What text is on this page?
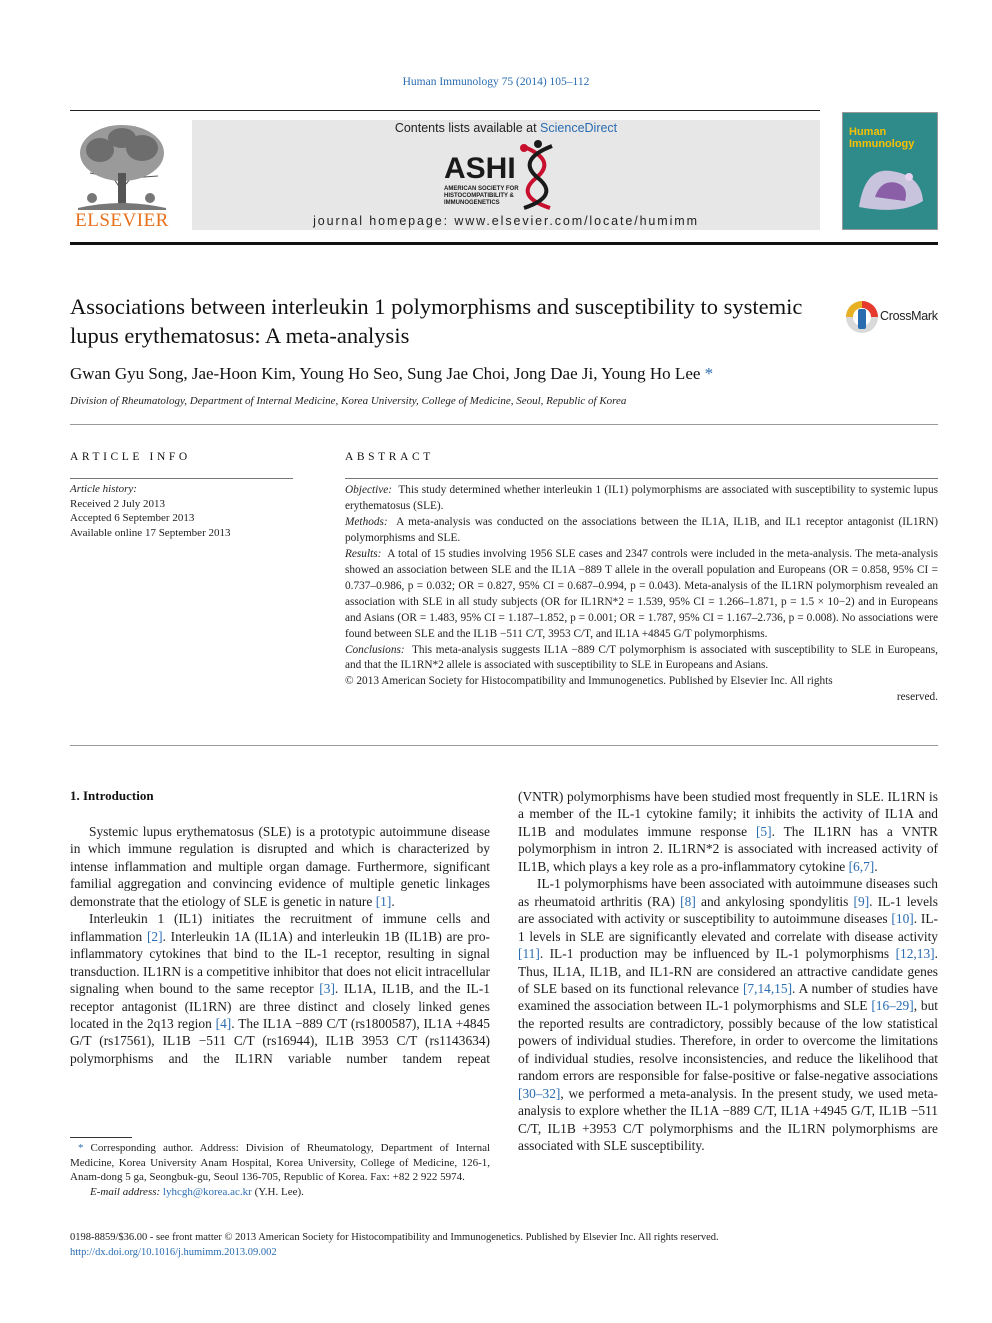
Human Immunology 75 (2014) 105–112
ELSEVIER
Contents lists available at ScienceDirect
ASHI
AMERICAN SOCIETY FOR
HISTOCOMPATIBILITY &
IMMUNOGENETICS
journal homepage: www.elsevier.com/locate/humimm
Human Immunology
Associations between interleukin 1 polymorphisms and susceptibility to systemic lupus erythematosus: A meta-analysis
CrossMark
Gwan Gyu Song, Jae-Hoon Kim, Young Ho Seo, Sung Jae Choi, Jong Dae Ji, Young Ho Lee *
Division of Rheumatology, Department of Internal Medicine, Korea University, College of Medicine, Seoul, Republic of Korea
ARTICLE INFO	ABSTRACT
Article history:
Received 2 July 2013
Accepted 6 September 2013
Available online 17 September 2013

Objective: This study determined whether interleukin 1 (IL1) polymorphisms are associated with susceptibility to systemic lupus erythematosus (SLE).

Methods: A meta-analysis was conducted on the associations between the IL1A, IL1B, and IL1 receptor antagonist (IL1RN) polymorphisms and SLE.

Results: A total of 15 studies involving 1956 SLE cases and 2347 controls were included in the meta-analysis. The meta-analysis showed an association between SLE and the IL1A −889 T allele in the overall population and Europeans (OR = 0.858, 95% CI = 0.737–0.986, p = 0.032; OR = 0.827, 95% CI = 0.687–0.994, p = 0.043). Meta-analysis of the IL1RN polymorphism revealed an association with SLE in all study subjects (OR for IL1RN*2 = 1.539, 95% CI = 1.266–1.871, p = 1.5 × 10−2) and in Europeans and Asians (OR = 1.483, 95% CI = 1.187–1.852, p = 0.001; OR = 1.787, 95% CI = 1.167–2.736, p = 0.008). No associations were found between SLE and the IL1B −511 C/T, 3953 C/T, and IL1A +4845 G/T polymorphisms.

Conclusions: This meta-analysis suggests IL1A −889 C/T polymorphism is associated with susceptibility to SLE in Europeans, and that the IL1RN*2 allele is associated with susceptibility to SLE in Europeans and Asians.

© 2013 American Society for Histocompatibility and Immunogenetics. Published by Elsevier Inc. All rights

reserved.

1. Introduction

Systemic lupus erythematosus (SLE) is a prototypic autoimmune disease in which immune regulation is disrupted and which is characterized by intense inflammation and multiple organ damage. Furthermore, significant familial aggregation and convincing evidence of multiple genetic linkages demonstrate that the etiology of SLE is genetic in nature [1].

Interleukin 1 (IL1) initiates the recruitment of immune cells and inflammation [2]. Interleukin 1A (IL1A) and interleukin 1B (IL1B) are pro-inflammatory cytokines that bind to the IL-1 receptor, resulting in signal transduction. IL1RN is a competitive inhibitor that does not elicit intracellular signaling when bound to the same receptor [3]. IL1A, IL1B, and the IL-1 receptor antagonist (IL1RN) are three distinct and closely linked genes located in the 2q13 region [4]. The IL1A −889 C/T (rs1800587), IL1A +4845 G/T (rs17561), IL1B −511 C/T (rs16944), IL1B 3953 C/T (rs1143634) polymorphisms and the IL1RN variable number tandem repeat

(VNTR) polymorphisms have been studied most frequently in SLE. IL1RN is a member of the IL-1 cytokine family; it inhibits the activity of IL1A and IL1B and modulates immune response [5]. The IL1RN has a VNTR polymorphism in intron 2. IL1RN*2 is associated with increased activity of IL1B, which plays a key role as a pro-inflammatory cytokine [6,7].

IL-1 polymorphisms have been associated with autoimmune diseases such as rheumatoid arthritis (RA) [8] and ankylosing spondylitis [9]. IL-1 levels are associated with activity or susceptibility to autoimmune diseases [10]. IL-1 levels in SLE are significantly elevated and correlate with disease activity [11]. IL-1 production may be influenced by IL-1 polymorphisms [12,13]. Thus, IL1A, IL1B, and IL1-RN are considered an attractive candidate genes of SLE based on its functional relevance [7,14,15]. A number of studies have examined the association between IL-1 polymorphisms and SLE [16–29], but the reported results are contradictory, possibly because of the low statistical powers of individual studies. Therefore, in order to overcome the limitations of individual studies, resolve inconsistencies, and reduce the likelihood that random errors are responsible for false-positive or false-negative associations [30–32], we performed a meta-analysis. In the present study, we used meta-analysis to explore whether the IL1A −889 C/T, IL1A +4945 G/T, IL1B −511 C/T, IL1B +3953 C/T polymorphisms and the IL1RN polymorphisms are associated with SLE susceptibility.

* Corresponding author. Address: Division of Rheumatology, Department of Internal Medicine, Korea University Anam Hospital, Korea University, College of Medicine, 126-1, Anam-dong 5 ga, Seongbuk-gu, Seoul 136-705, Republic of Korea. Fax: +82 2 922 5974.

E-mail address: lyhcgh@korea.ac.kr (Y.H. Lee).

0198-8859/$36.00 - see front matter © 2013 American Society for Histocompatibility and Immunogenetics. Published by Elsevier Inc. All rights reserved.
http://dx.doi.org/10.1016/j.humimm.2013.09.002
